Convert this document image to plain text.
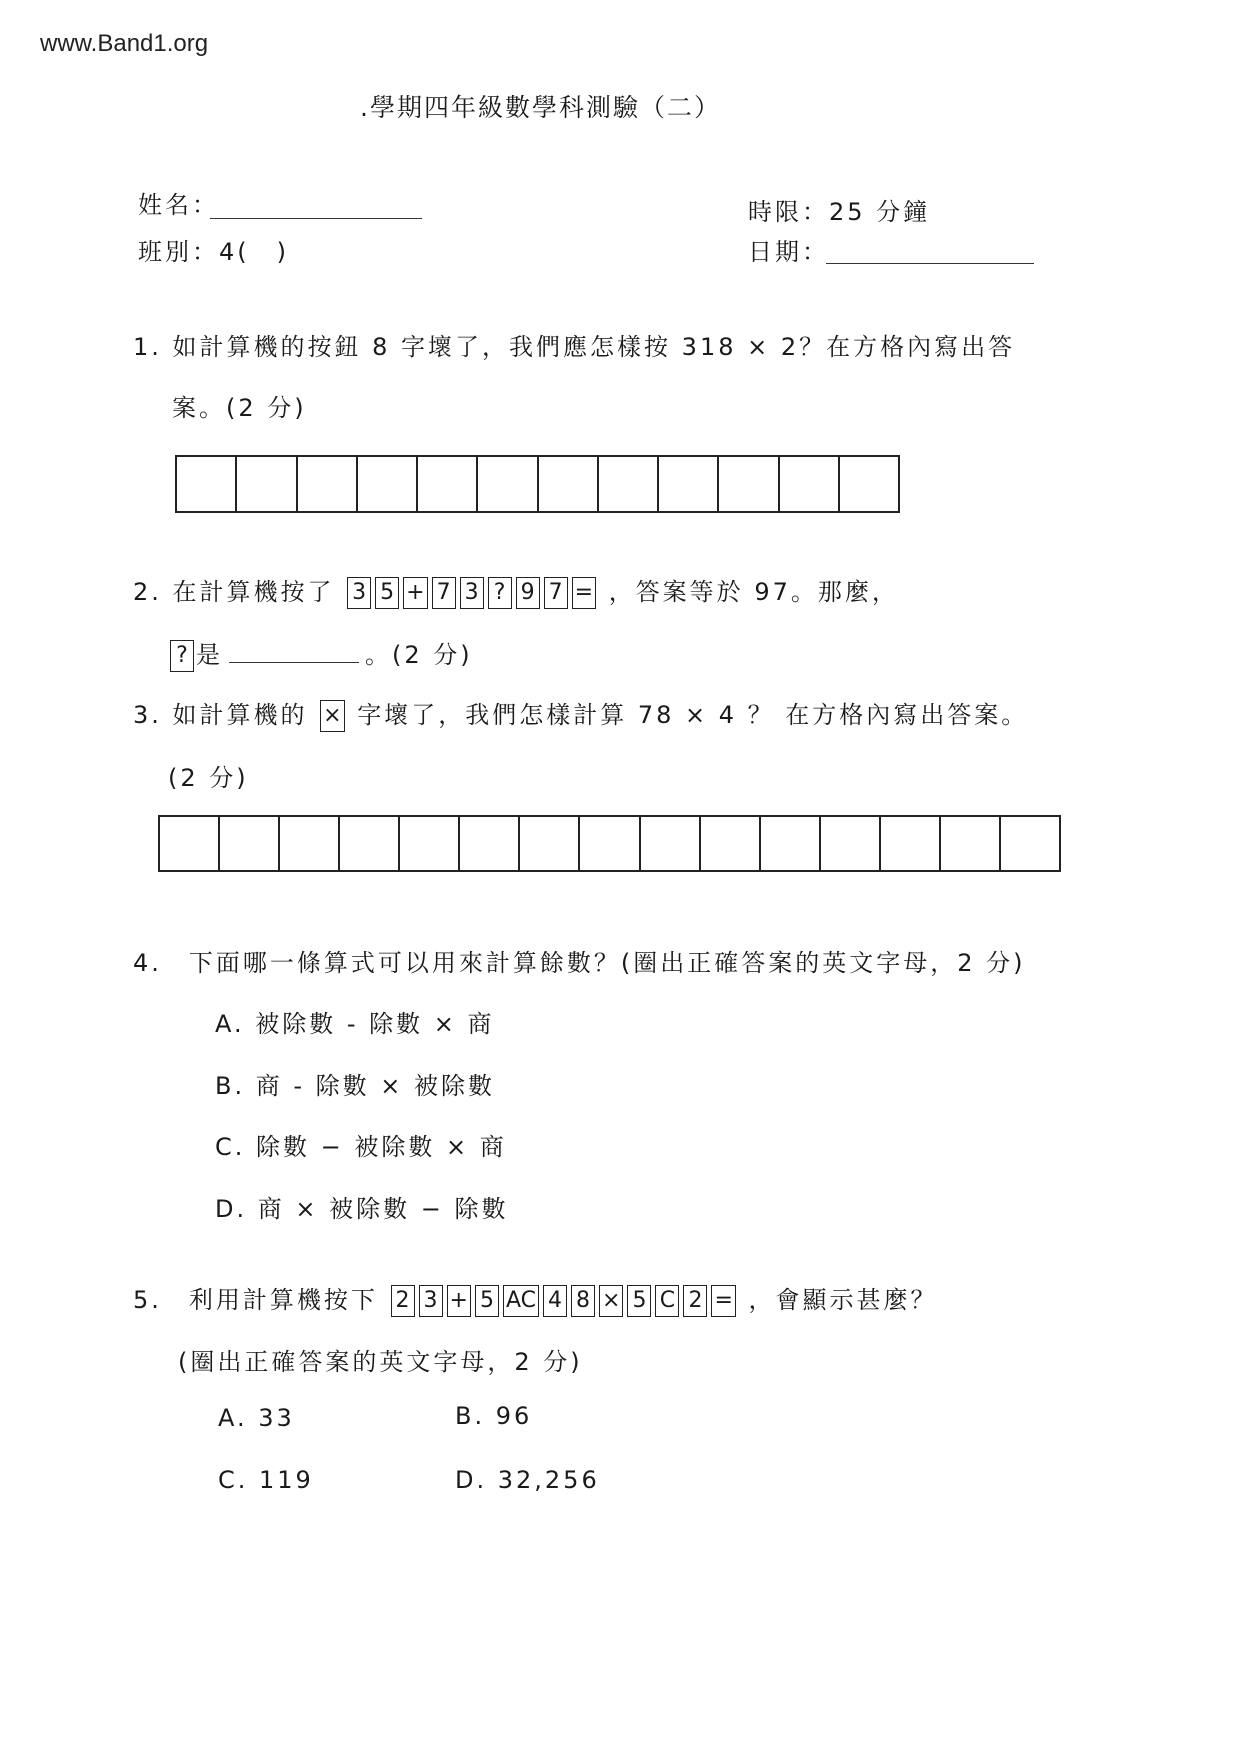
www.Band1.org
.學期四年級數學科測驗（二）
姓名：
班別：4(　)
時限：25 分鐘
日期：
1. 如計算機的按鈕 8 字壞了，我們應怎樣按 318 × 2？在方格內寫出答
案。(2 分)
2. 在計算機按了 3 5 + 7 3 ? 9 7 = ，答案等於 97。那麼，
? 是	。(2 分)
3. 如計算機的 × 字壞了，我們怎樣計算 78 × 4 ？ 在方格內寫出答案。
(2 分)
4.　下面哪一條算式可以用來計算餘數？(圈出正確答案的英文字母，2 分)
A. 被除數 - 除數 × 商
B. 商 - 除數 × 被除數
C. 除數 − 被除數 × 商
D. 商 × 被除數 − 除數
5.　利用計算機按下 2 3 + 5 AC 4 8 × 5 C 2 = ，會顯示甚麼？
(圈出正確答案的英文字母，2 分)
A. 33	B. 96
C. 119	D. 32,256
